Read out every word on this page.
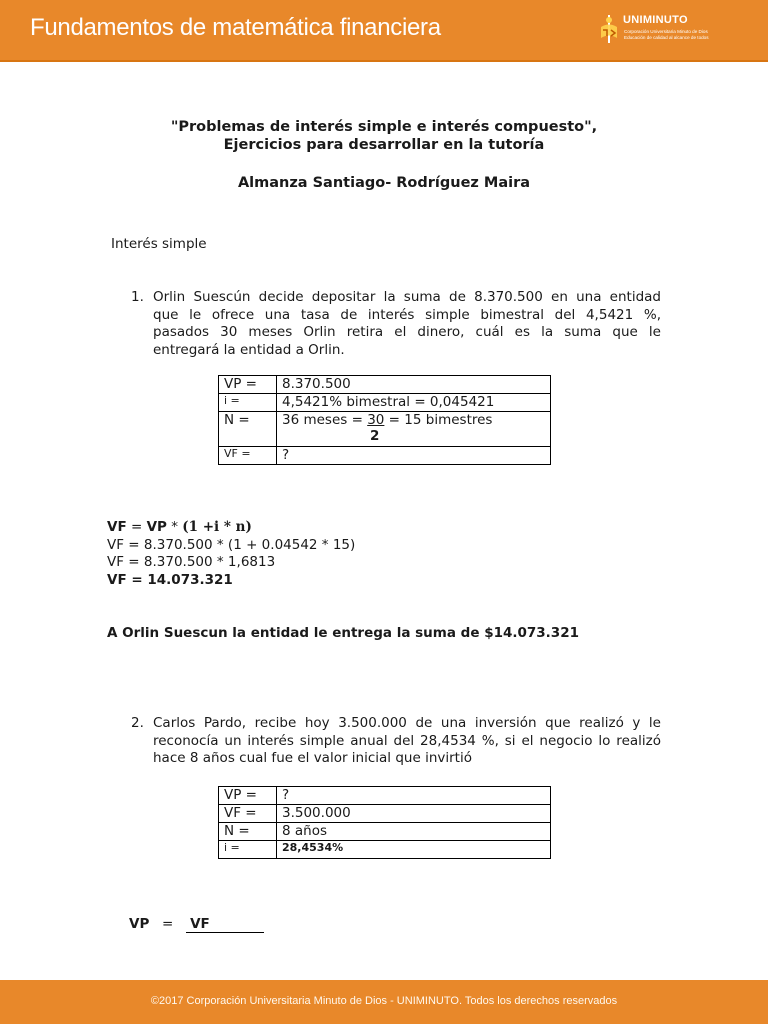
Fundamentos de matemática financiera	UNIMINUTO
Corporación Universitaria Minuto de Dios
Educación de calidad al alcance de todos
"Problemas de interés simple e interés compuesto",
Ejercicios para desarrollar en la tutoría
Almanza Santiago- Rodríguez Maira
Interés simple
1. Orlin Suescún decide depositar la suma de 8.370.500 en una entidad
que le ofrece una tasa de interés simple bimestral del 4,5421 %,
pasados 30 meses Orlin retira el dinero, cuál es la suma que le
entregará la entidad a Orlin.
VP =	8.370.500
i =	4,5421% bimestral = 0,045421
N =	36 meses = 30 = 15 bimestres
2
VF =	?
VF = VP * (1 +i * n)
VF = 8.370.500 * (1 + 0.04542 * 15)
VF = 8.370.500 * 1,6813
VF = 14.073.321
A Orlin Suescun la entidad le entrega la suma de $14.073.321
2. Carlos Pardo, recibe hoy 3.500.000 de una inversión que realizó y le
reconocía un interés simple anual del 28,4534 %, si el negocio lo realizó
hace 8 años cual fue el valor inicial que invirtió
VP =	?
VF =	3.500.000
N =	8 años
i =	28,4534%
VP = VF
©2017 Corporación Universitaria Minuto de Dios - UNIMINUTO. Todos los derechos reservados
